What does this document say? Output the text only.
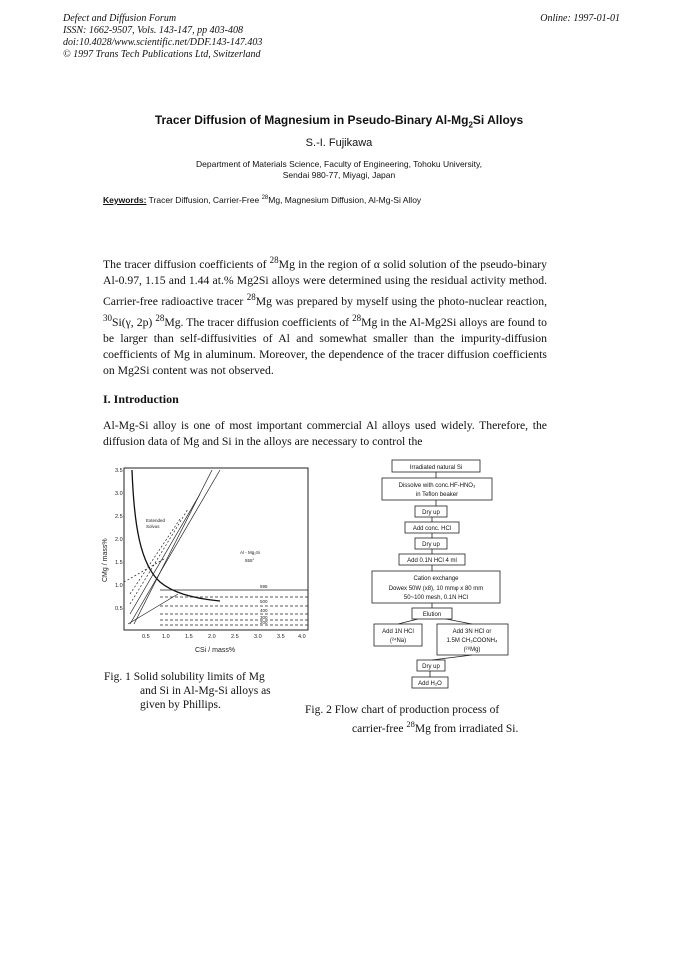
Defect and Diffusion Forum
ISSN: 1662-9507, Vols. 143-147, pp 403-408
doi:10.4028/www.scientific.net/DDF.143-147.403
© 1997 Trans Tech Publications Ltd, Switzerland
Online: 1997-01-01
Tracer Diffusion of Magnesium in Pseudo-Binary $Al-Mg_2Si$ Alloys
S.-I. Fujikawa
Department of Materials Science, Faculty of Engineering, Tohoku University,
Sendai 980-77, Miyagi, Japan
Keywords: Tracer Diffusion, Carrier-Free $^{28}$Mg, Magnesium Diffusion, Al-Mg-Si Alloy
The tracer diffusion coefficients of $^{28}$Mg in the region of α solid solution of the pseudo-binary Al-0.97, 1.15 and 1.44 at.% Mg2Si alloys were determined using the residual activity method. Carrier-free radioactive tracer $^{28}$Mg was prepared by myself using the photo-nuclear reaction, $^{30}$Si(γ, 2p) $^{28}$Mg. The tracer diffusion coefficients of $^{28}$Mg in the Al-Mg2Si alloys are found to be larger than self-diffusivities of Al and somewhat smaller than the impurity-diffusion coefficients of Mg in aluminum. Moreover, the dependence of the tracer diffusion coefficients on Mg2Si content was not observed.
I. Introduction
Al-Mg-Si alloy is one of most important commercial Al alloys used widely. Therefore, the diffusion data of Mg and Si in the alloys are necessary to control the
3.5
3.0
2.5
2.0
1.5
1.0
0.5
0.5 1.0	1.5	2.0	2.5	3.0	3.5 4.0
CSi / mass%
CMg / mass%	Al - Mg₂Si
555°
Extended
Solvus
595
500
400
300
200
Fig. 1 Solid solubility limits of Mg
and Si in Al-Mg-Si alloys as
given by Phillips.
Irradiated natural Si
Dissolve with conc.HF-HNO₃
in Teflon beaker
Dry up
Add conc. HCl
Dry up
Add 0.1N HCl 4 ml
Cation exchange
Dowex 50W (x8), 10 mmφ x 80 mm
50~100 mesh, 0.1N HCl
Elution
Add 1N HCl
(²⁴Na)
Add 3N HCl or
1.5M CH₃COONH₄
(²⁸Mg)
Dry up
Add H₂O
Fig. 2 Flow chart of production process of
carrier-free $^{28}$Mg from irradiated Si.
